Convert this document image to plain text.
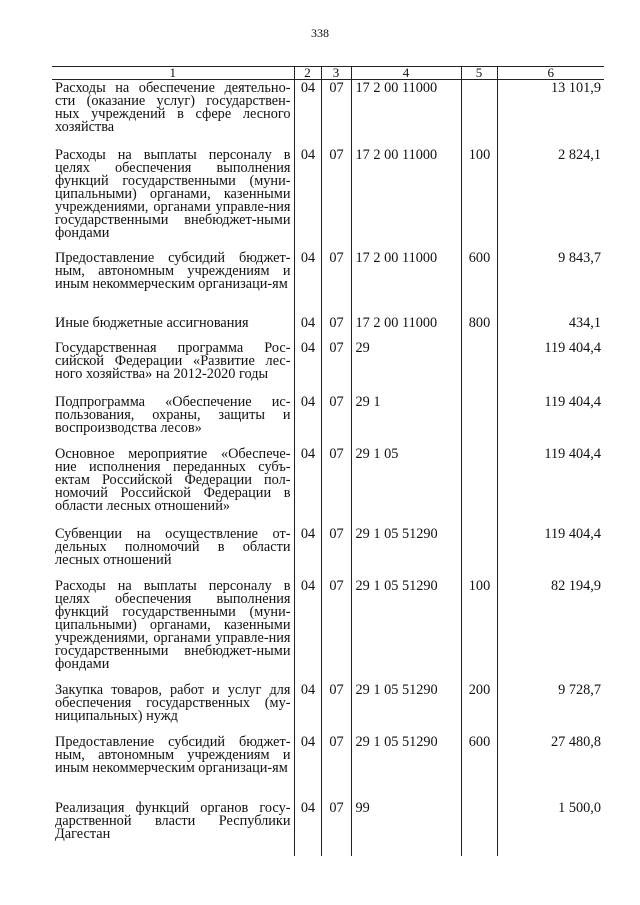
338
1	2	3	4	5	6
Расходы на обеспечение деятельно-сти (оказание услуг) государствен-ных учреждений в сфере лесного хозяйства	04	07	17 2 00 11000		13 101,9
Расходы на выплаты персоналу в целях обеспечения выполнения функций государственными (муни-ципальными) органами, казенными учреждениями, органами управле-ния государственными внебюджет-ными фондами	04	07	17 2 00 11000	100	2 824,1
Предоставление субсидий бюджет-ным, автономным учреждениям и иным некоммерческим организаци-ям	04	07	17 2 00 11000	600	9 843,7
Иные бюджетные ассигнования	04	07	17 2 00 11000	800	434,1
Государственная программа Рос-сийской Федерации «Развитие лес-ного хозяйства» на 2012-2020 годы	04	07	29		119 404,4
Подпрограмма «Обеспечение ис-пользования, охраны, защиты и воспроизводства лесов»	04	07	29 1		119 404,4
Основное мероприятие «Обеспече-ние исполнения переданных субъ-ектам Российской Федерации пол-номочий Российской Федерации в области лесных отношений»	04	07	29 1 05		119 404,4
Субвенции на осуществление от-дельных полномочий в области лесных отношений	04	07	29 1 05 51290		119 404,4
Расходы на выплаты персоналу в целях обеспечения выполнения функций государственными (муни-ципальными) органами, казенными учреждениями, органами управле-ния государственными внебюджет-ными фондами	04	07	29 1 05 51290	100	82 194,9
Закупка товаров, работ и услуг для обеспечения государственных (му-ниципальных) нужд	04	07	29 1 05 51290	200	9 728,7
Предоставление субсидий бюджет-ным, автономным учреждениям и иным некоммерческим организаци-ям	04	07	29 1 05 51290	600	27 480,8
Реализация функций органов госу-дарственной власти Республики Дагестан	04	07	99		1 500,0
